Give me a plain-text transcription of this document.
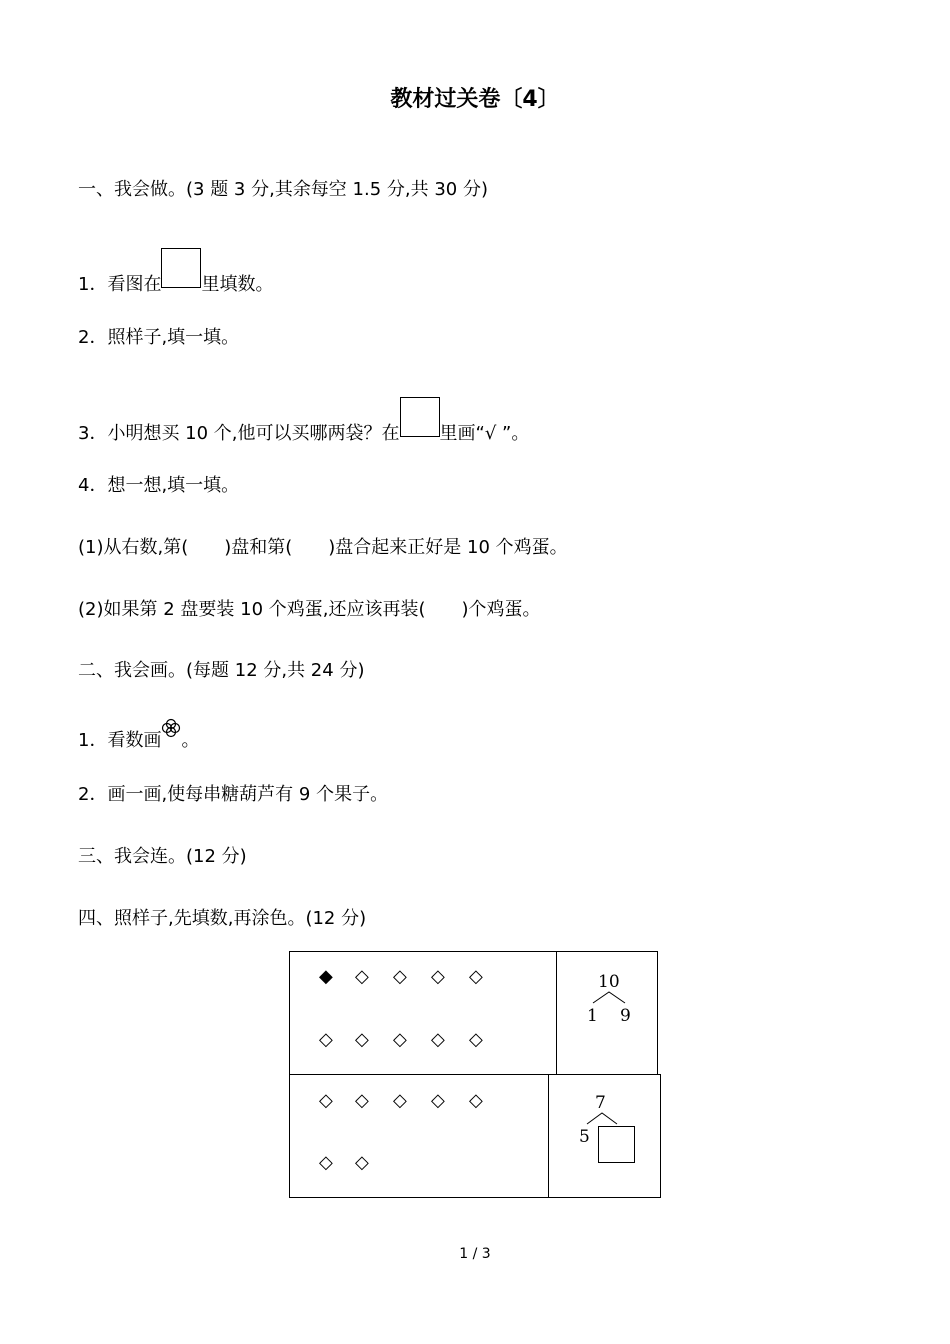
教材过关卷〔4〕
一、我会做。(3 题 3 分,其余每空 1.5 分,共 30 分)
1．看图在 里填数。
2．照样子,填一填。
3．小明想买 10 个,他可以买哪两袋？在 里画“√ ”。
4．想一想,填一填。
(1)从右数,第(　　)盘和第(　　)盘合起来正好是 10 个鸡蛋。
(2)如果第 2 盘要装 10 个鸡蛋,还应该再装(　　)个鸡蛋。
二、我会画。(每题 12 分,共 24 分)
1．看数画 。
2．画一画,使每串糖葫芦有 9 个果子。
三、我会连。(12 分)
四、照样子,先填数,再涂色。(12 分)
10
1 9
7
5
◆ ◇ ◇ ◇ ◇
◇ ◇ ◇ ◇ ◇
◇ ◇ ◇ ◇ ◇
◇ ◇
1 / 3
